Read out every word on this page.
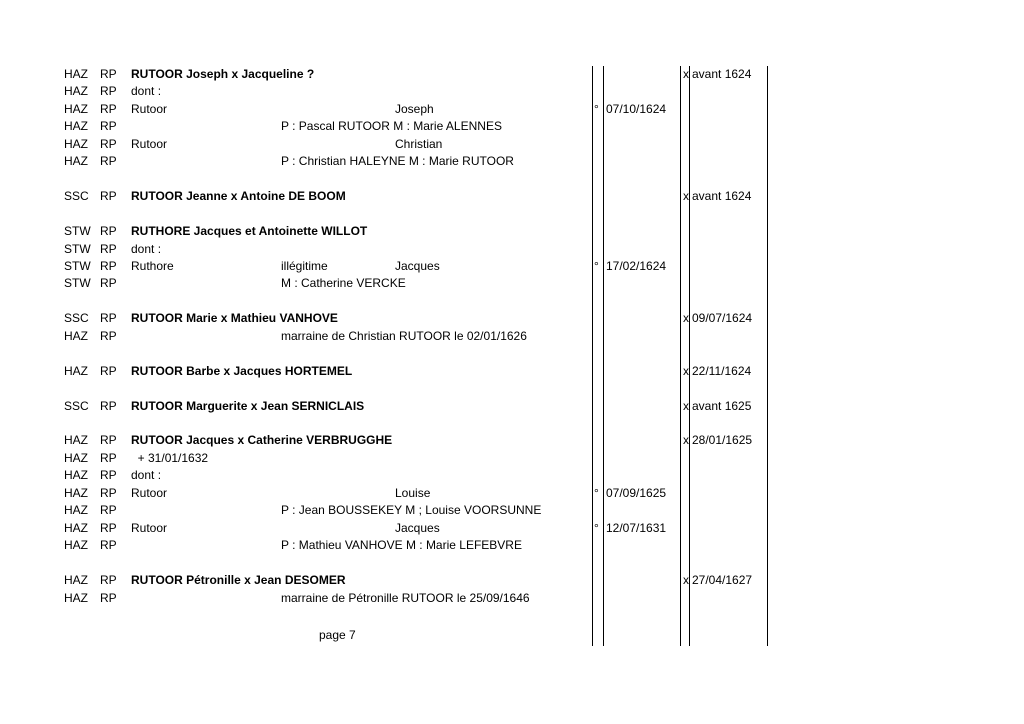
HAZ RP RUTOOR Joseph x Jacqueline ?	x avant 1624
HAZ RP dont :
HAZ RP Rutoor	Joseph	° 07/10/1624
HAZ RP	P : Pascal RUTOOR M : Marie ALENNES
HAZ RP Rutoor	Christian
HAZ RP	P : Christian HALEYNE M : Marie RUTOOR
SSC RP RUTOOR Jeanne x Antoine DE BOOM	x avant 1624
STW RP RUTHORE Jacques et Antoinette WILLOT
STW RP dont :
STW RP Ruthore	illégitime	Jacques	° 17/02/1624
STW RP	M : Catherine VERCKE
SSC RP RUTOOR Marie x Mathieu VANHOVE	x 09/07/1624
HAZ RP	marraine de Christian RUTOOR le 02/01/1626
HAZ RP RUTOOR Barbe x Jacques HORTEMEL	x 22/11/1624
SSC RP RUTOOR Marguerite x Jean SERNICLAIS	x avant 1625
HAZ RP RUTOOR Jacques x Catherine VERBRUGGHE	x 28/01/1625
HAZ RP + 31/01/1632
HAZ RP dont :
HAZ RP Rutoor	Louise	° 07/09/1625
HAZ RP	P : Jean BOUSSEKEY M ; Louise VOORSUNNE
HAZ RP Rutoor	Jacques	° 12/07/1631
HAZ RP	P : Mathieu VANHOVE M : Marie LEFEBVRE
HAZ RP RUTOOR Pétronille x Jean DESOMER	x 27/04/1627
HAZ RP	marraine de Pétronille RUTOOR le 25/09/1646
page 7
